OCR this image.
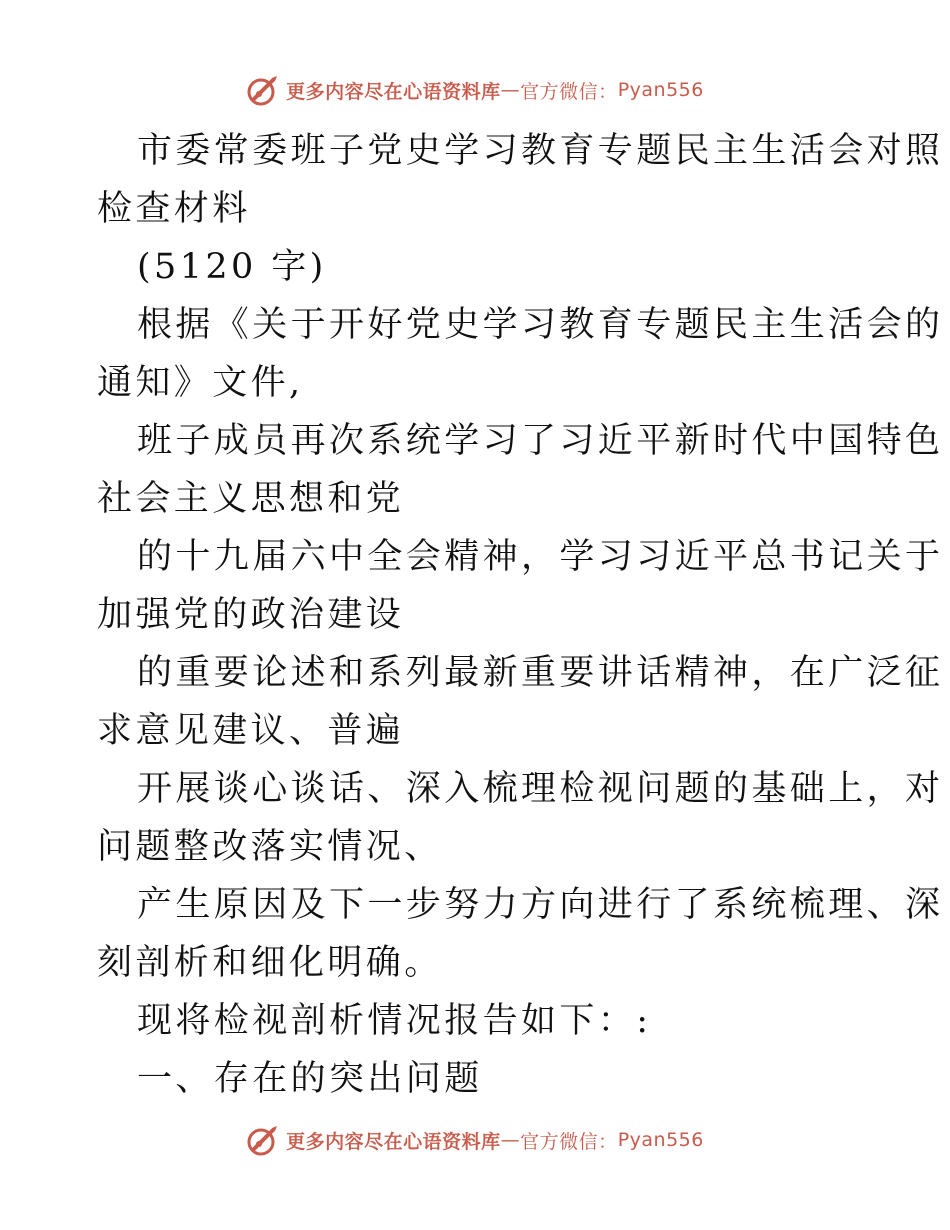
更多内容尽在心语资料库 — 官方微信： Pyan556

市委常委班子党史学习教育专题民主生活会对照

检查材料

(5120 字)

根据《关于开好党史学习教育专题民主生活会的

通知》文件,

班子成员再次系统学习了习近平新时代中国特色

社会主义思想和党

的十九届六中全会精神，学习习近平总书记关于

加强党的政治建设

的重要论述和系列最新重要讲话精神，在广泛征

求意见建议、普遍

开展谈心谈话、深入梳理检视问题的基础上，对

问题整改落实情况、

产生原因及下一步努力方向进行了系统梳理、深

刻剖析和细化明确。

现将检视剖析情况报告如下：:

一、存在的突出问题

更多内容尽在心语资料库 — 官方微信： Pyan556
